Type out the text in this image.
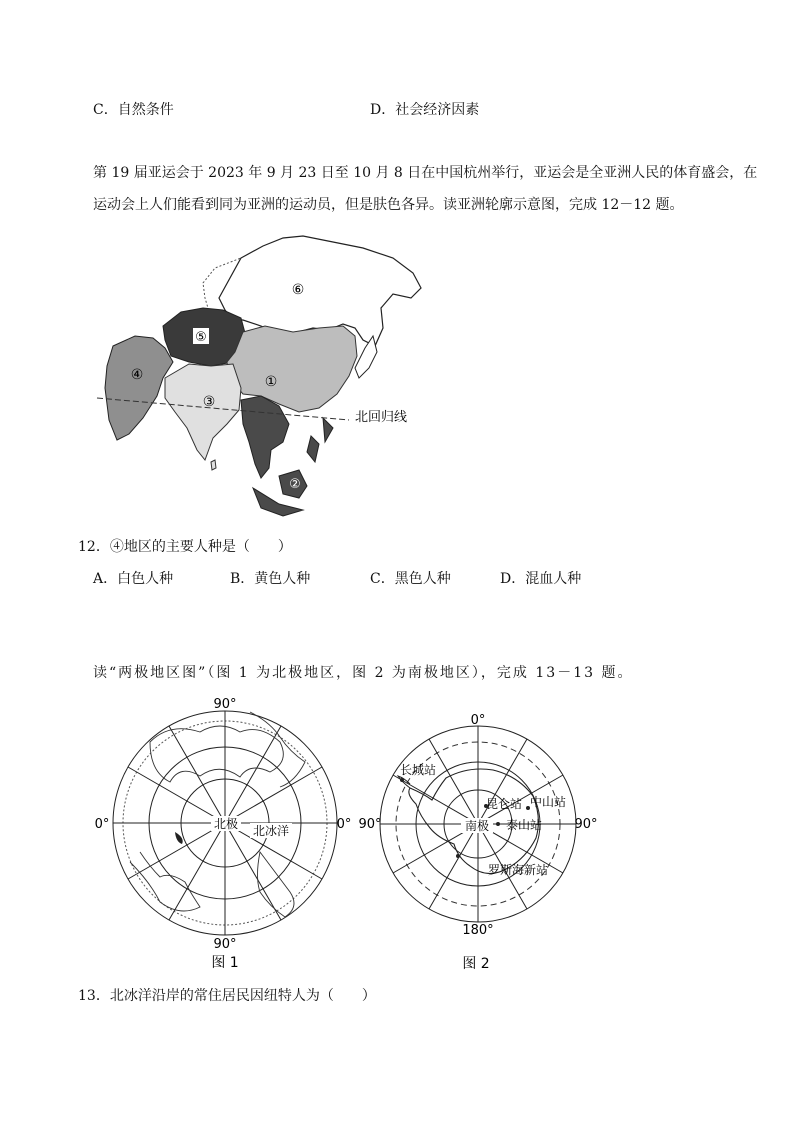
C．自然条件	D．社会经济因素
第 19 届亚运会于 2023 年 9 月 23 日至 10 月 8 日在中国杭州举行，亚运会是全亚洲人民的体育盛会，在
运动会上人们能看到同为亚洲的运动员，但是肤色各异。读亚洲轮廓示意图，完成 12－12 题。
⑥
⑤
①
④
③
②
北回归线
12．④地区的主要人种是（　　）
A．白色人种	B．黄色人种	C．黑色人种	D．混血人种
读“两极地区图”（图 1 为北极地区，图 2 为南极地区），完成 13－13 题。
90°
90°
0°	0°
北极 北冰洋
图 1
0°
180°
90°	90°
南极
长城站
昆仑站 中山站
泰山站
罗斯海新站
图 2
13．北冰洋沿岸的常住居民因纽特人为（　　）
